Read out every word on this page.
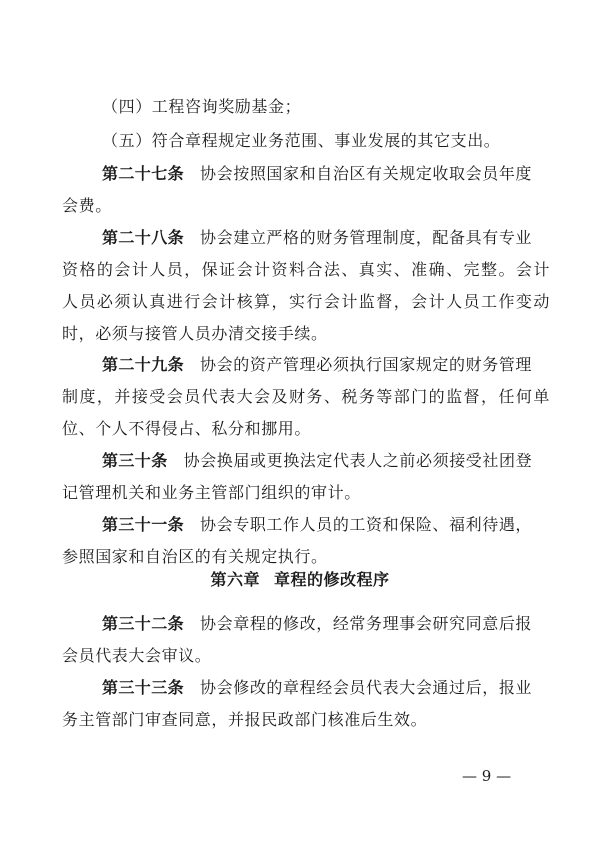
（四）工程咨询奖励基金；
（五）符合章程规定业务范围、事业发展的其它支出。
第二十七条 协会按照国家和自治区有关规定收取会员年度
会费。
第二十八条 协会建立严格的财务管理制度，配备具有专业
资格的会计人员，保证会计资料合法、真实、准确、完整。会计
人员必须认真进行会计核算，实行会计监督，会计人员工作变动
时，必须与接管人员办清交接手续。
第二十九条 协会的资产管理必须执行国家规定的财务管理
制度，并接受会员代表大会及财务、税务等部门的监督，任何单
位、个人不得侵占、私分和挪用。
第三十条 协会换届或更换法定代表人之前必须接受社团登
记管理机关和业务主管部门组织的审计。
第三十一条 协会专职工作人员的工资和保险、福利待遇，
参照国家和自治区的有关规定执行。
第六章 章程的修改程序
第三十二条 协会章程的修改，经常务理事会研究同意后报
会员代表大会审议。
第三十三条 协会修改的章程经会员代表大会通过后，报业
务主管部门审查同意，并报民政部门核准后生效。
— 9 —
